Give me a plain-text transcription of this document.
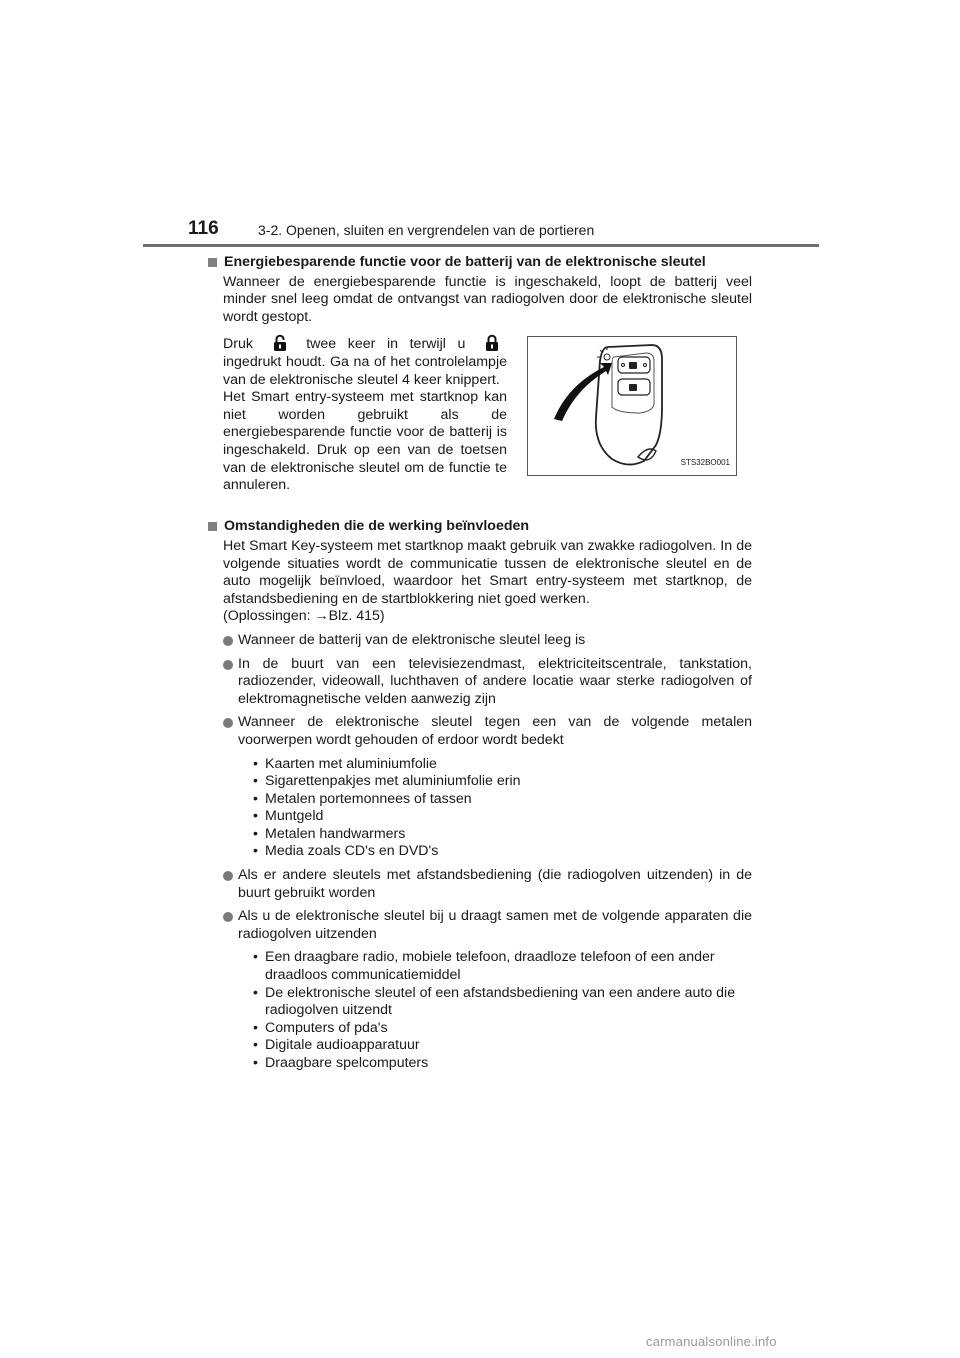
116	3-2. Openen, sluiten en vergrendelen van de portieren
Energiebesparende functie voor de batterij van de elektronische sleutel

Wanneer de energiebesparende functie is ingeschakeld, loopt de batterij veel minder snel leeg omdat de ontvangst van radiogolven door de elektronische sleutel wordt gestopt.

Druk	twee keer in terwijl u  ingedrukt houdt. Ga na of het controlelampje van de elektronische sleutel 4 keer knippert.
Het Smart entry-systeem met startknop kan niet worden gebruikt als de energiebesparende functie voor de batterij is ingeschakeld. Druk op een van de toetsen van de elektronische sleutel om de functie te annuleren.
STS32BO001
Omstandigheden die de werking beïnvloeden

Het Smart Key-systeem met startknop maakt gebruik van zwakke radiogolven. In de volgende situaties wordt de communicatie tussen de elektronische sleutel en de auto mogelijk beïnvloed, waardoor het Smart entry-systeem met startknop, de afstandsbediening en de startblokkering niet goed werken.
(Oplossingen: →Blz. 415)

Wanneer de batterij van de elektronische sleutel leeg is
In de buurt van een televisiezendmast, elektriciteitscentrale, tankstation, radiozender, videowall, luchthaven of andere locatie waar sterke radiogolven of elektromagnetische velden aanwezig zijn
Wanneer de elektronische sleutel tegen een van de volgende metalen voorwerpen wordt gehouden of erdoor wordt bedekt

• Kaarten met aluminiumfolie

• Sigarettenpakjes met aluminiumfolie erin

• Metalen portemonnees of tassen

• Muntgeld

• Metalen handwarmers

• Media zoals CD's en DVD's

Als er andere sleutels met afstandsbediening (die radiogolven uitzenden) in de buurt gebruikt worden
Als u de elektronische sleutel bij u draagt samen met de volgende apparaten die radiogolven uitzenden

• Een draagbare radio, mobiele telefoon, draadloze telefoon of een ander draadloos communicatiemiddel

• De elektronische sleutel of een afstandsbediening van een andere auto die radiogolven uitzendt

• Computers of pda's

• Digitale audioapparatuur

• Draagbare spelcomputers

carmanualsonline.info
